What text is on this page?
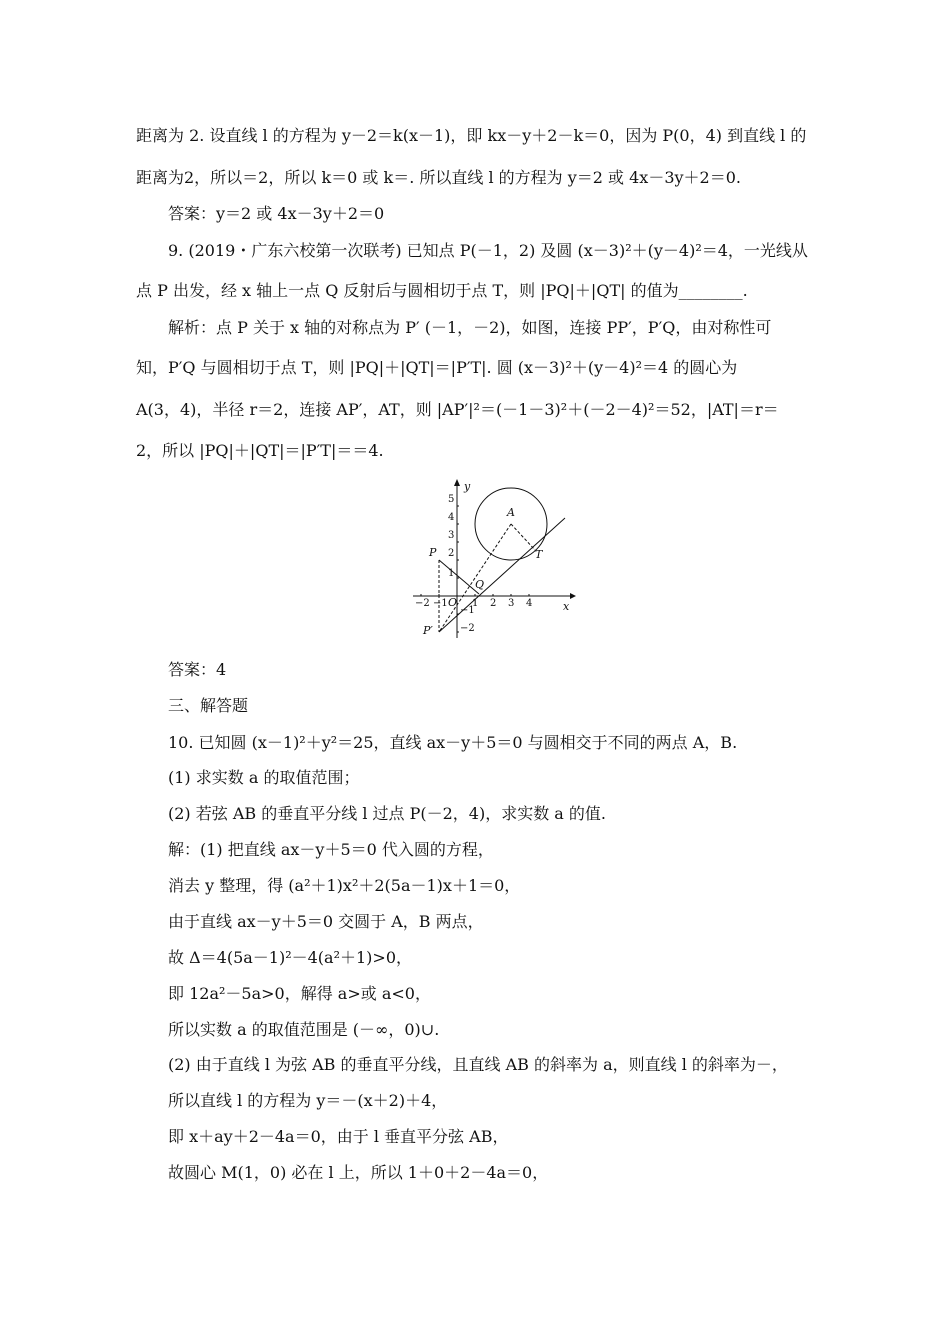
距离为 2. 设直线 l 的方程为 y－2＝k(x－1)，即 kx－y＋2－k＝0，因为 P(0，4) 到直线 l 的
距离为2，所以＝2，所以 k＝0 或 k＝. 所以直线 l 的方程为 y＝2 或 4x－3y＋2＝0.
答案：y＝2 或 4x－3y＋2＝0
9. (2019・广东六校第一次联考) 已知点 P(－1，2) 及圆 (x－3)²＋(y－4)²＝4，一光线从
点 P 出发，经 x 轴上一点 Q 反射后与圆相切于点 T，则 |PQ|＋|QT| 的值为________.
解析：点 P 关于 x 轴的对称点为 P′ (－1，－2)，如图，连接 PP′，P′Q，由对称性可
知，P′Q 与圆相切于点 T，则 |PQ|＋|QT|＝|P′T|. 圆 (x－3)²＋(y－4)²＝4 的圆心为
A(3，4)，半径 r＝2，连接 AP′，AT，则 |AP′|²＝(－1－3)²＋(－2－4)²＝52，|AT|＝r＝
2，所以 |PQ|＋|QT|＝|P′T|＝＝4.
−2 −1 1 2 3 4
5
4
3
2
1
−1
−2
x
y
O
A
P
P′
Q
T
答案：4
三、解答题
10. 已知圆 (x－1)²＋y²＝25，直线 ax－y＋5＝0 与圆相交于不同的两点 A，B.
(1) 求实数 a 的取值范围；
(2) 若弦 AB 的垂直平分线 l 过点 P(－2，4)，求实数 a 的值.
解：(1) 把直线 ax－y＋5＝0 代入圆的方程，
消去 y 整理，得 (a²＋1)x²＋2(5a－1)x＋1＝0，
由于直线 ax－y＋5＝0 交圆于 A，B 两点，
故 Δ＝4(5a－1)²－4(a²＋1)>0，
即 12a²－5a>0，解得 a>或 a<0，
所以实数 a 的取值范围是 (－∞，0)∪.
(2) 由于直线 l 为弦 AB 的垂直平分线，且直线 AB 的斜率为 a，则直线 l 的斜率为－，
所以直线 l 的方程为 y＝－(x＋2)＋4，
即 x＋ay＋2－4a＝0，由于 l 垂直平分弦 AB，
故圆心 M(1，0) 必在 l 上，所以 1＋0＋2－4a＝0，
